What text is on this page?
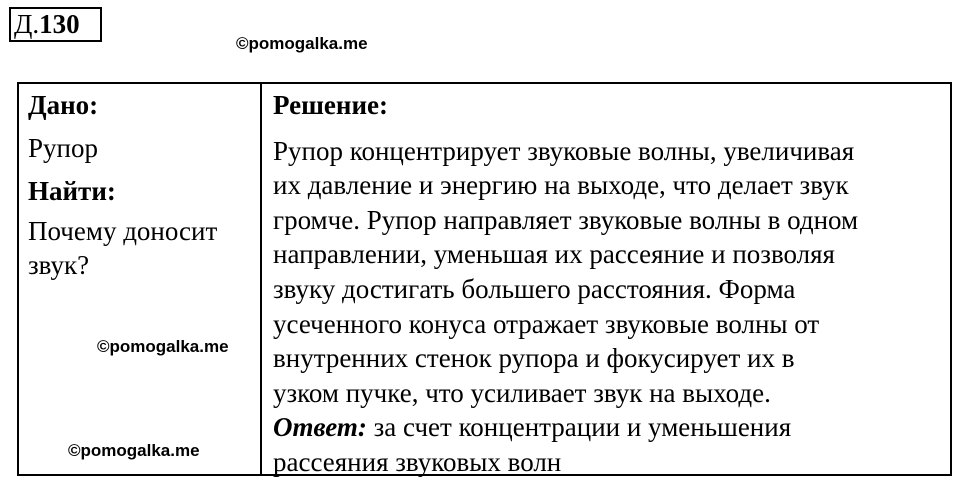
Д.130
©pomogalka.me
Дано:
Рупор
Найти:
Почему доносит
звук?
Решение:
Рупор концентрирует звуковые волны, увеличивая
их давление и энергию на выходе, что делает звук
громче. Рупор направляет звуковые волны в одном
направлении, уменьшая их рассеяние и позволяя
звуку достигать большего расстояния. Форма
усеченного конуса отражает звуковые волны от
внутренних стенок рупора и фокусирует их в
узком пучке, что усиливает звук на выходе.
Ответ: за счет концентрации и уменьшения
рассеяния звуковых волн
©pomogalka.me
©pomogalka.me
